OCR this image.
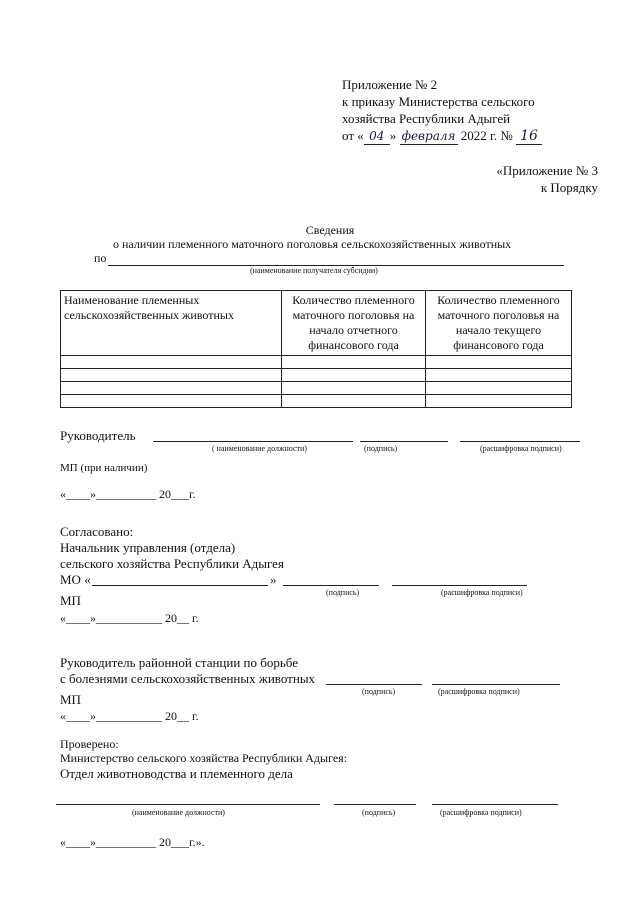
Приложение № 2
к приказу Министерства сельского
хозяйства Республики Адыгей
от « 04 » февраля 2022 г. № 16
«Приложение № 3
к Порядку
Сведения
о наличии племенного маточного поголовья сельскохозяйственных животных
по
(наименование получателя субсидии)
Наименование племенных сельскохозяйственных животных	Количество племенного маточного поголовья на начало отчетного финансового года	Количество племенного маточного поголовья на начало текущего финансового года

Руководитель
( наименование должности)	(подпись)	(расшифровка подписи)
МП (при наличии)
«____»__________ 20___г.
Согласовано:
Начальник управления (отдела)
сельского хозяйства Республики Адыгея
МО «	»
(подпись)	(расшифровка подписи)
МП
«____»___________ 20__ г.
Руководитель районной станции по борьбе
с болезнями сельскохозяйственных животных
(подпись)	(расшифровка подписи)
МП
«____»___________ 20__ г.
Проверено:
Министерство сельского хозяйства Республики Адыгея:
Отдел животноводства и племенного дела
(наименование должности)	(подпись)	(расшифровка подписи)
«____»__________ 20___г.».
